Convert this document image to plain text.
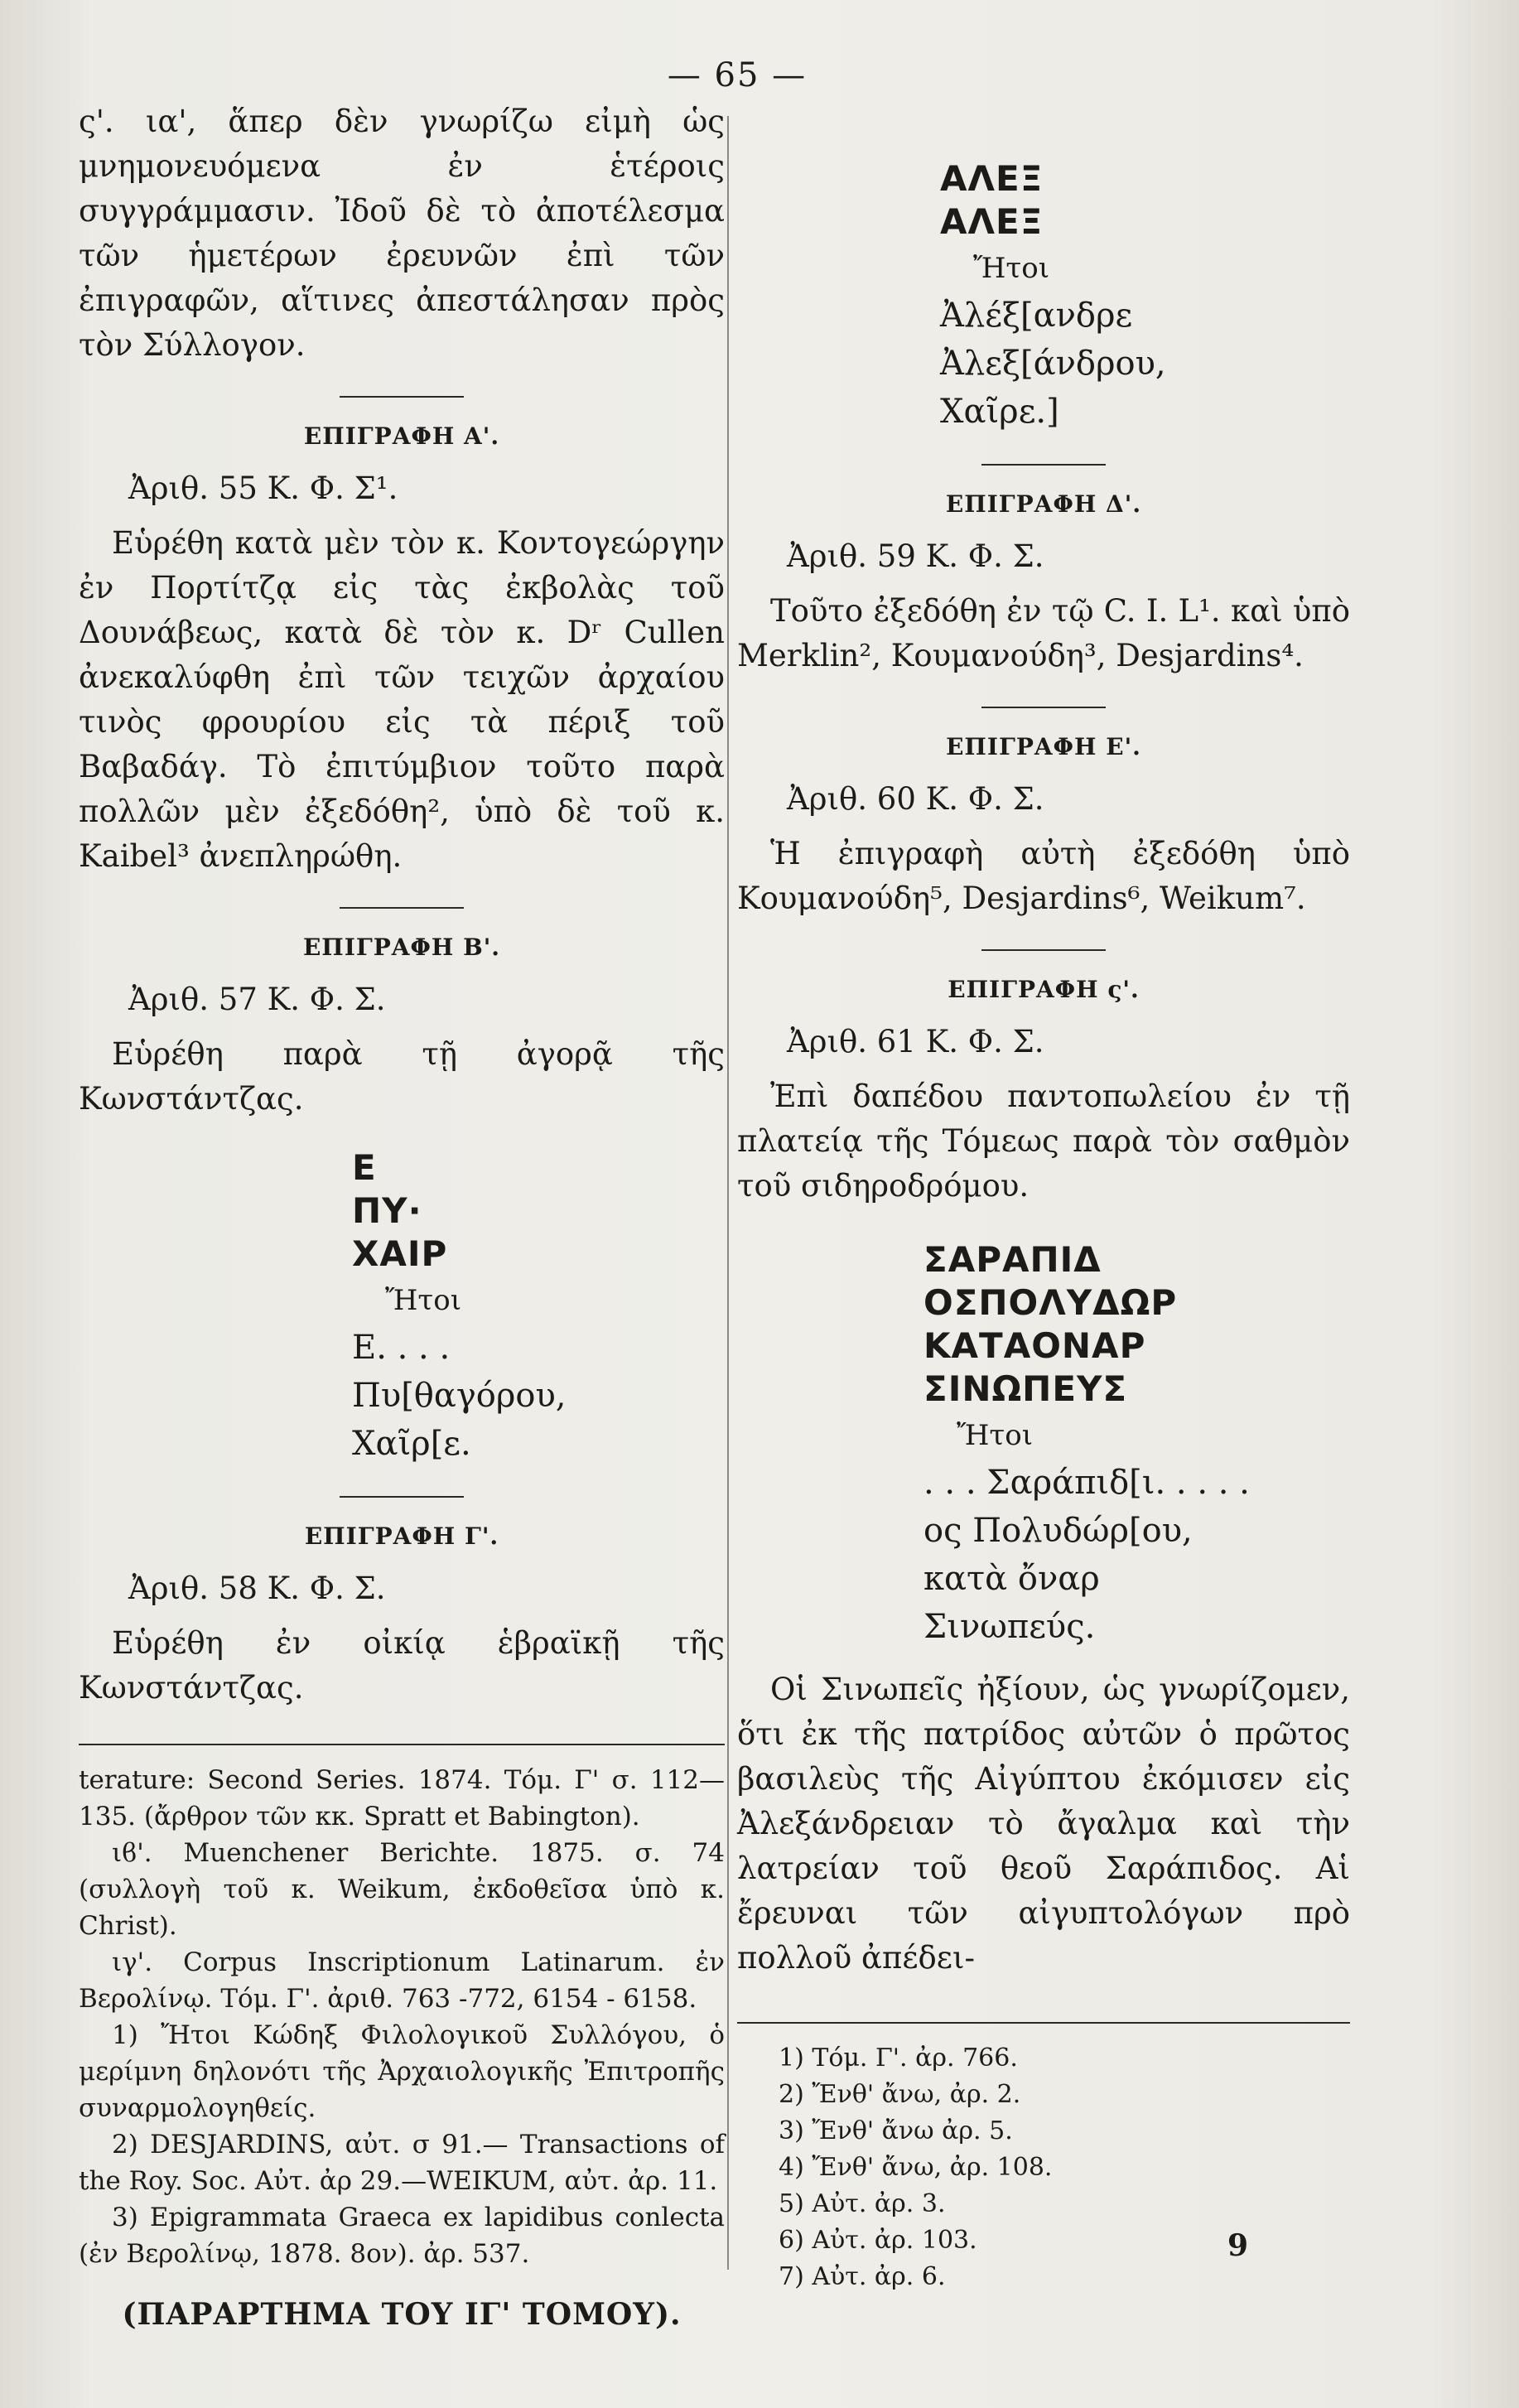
— 65 —

ς'. ια', ἅπερ δὲν γνωρίζω εἰμὴ ὡς μνημονευόμενα ἐν ἑτέροις συγγράμμασιν. Ἰδοῦ δὲ τὸ ἀποτέλεσμα τῶν ἡμετέρων ἐρευνῶν ἐπὶ τῶν ἐπιγραφῶν, αἵτινες ἀπεστάλησαν πρὸς τὸν Σύλλογον.

ΕΠΙΓΡΑΦΗ Α'.

Ἀριθ. 55 Κ. Φ. Σ¹.

Εὑρέθη κατὰ μὲν τὸν κ. Κοντογεώργην ἐν Πορτίτζᾳ εἰς τὰς ἐκβολὰς τοῦ Δουνάβεως, κατὰ δὲ τὸν κ. Dʳ Cullen ἀνεκαλύφθη ἐπὶ τῶν τειχῶν ἀρχαίου τινὸς φρουρίου εἰς τὰ πέριξ τοῦ Βαβαδάγ. Τὸ ἐπιτύμβιον τοῦτο παρὰ πολλῶν μὲν ἐξεδόθη², ὑπὸ δὲ τοῦ κ. Kaibel³ ἀνεπληρώθη.

ΕΠΙΓΡΑΦΗ Β'.

Ἀριθ. 57 Κ. Φ. Σ.

Εὑρέθη παρὰ τῇ ἀγορᾷ τῆς Κωνστάντζας.

Ε
ΠΥ·
ΧΑΙΡ
Ἤτοι
Ε. . . .
Πυ[θαγόρου,
Χαῖρ[ε.
ΕΠΙΓΡΑΦΗ Γ'.

Ἀριθ. 58 Κ. Φ. Σ.

Εὑρέθη ἐν οἰκίᾳ ἑβραϊκῇ τῆς Κωνστάντζας.

terature: Second Series. 1874. Τόμ. Γ' σ. 112—135. (ἄρθρον τῶν κκ. Spratt et Babington).

ιϐ'. Muenchener Berichte. 1875. σ. 74 (συλλογὴ τοῦ κ. Weikum, ἐκδοθεῖσα ὑπὸ κ. Christ).

ιγ'. Corpus Inscriptionum Latinarum. ἐν Βερολίνῳ. Τόμ. Γ'. ἀριθ. 763 -772, 6154 - 6158.

1) Ἤτοι Κώδηξ Φιλολογικοῦ Συλλόγου, ὁ μερίμνη δηλονότι τῆς Ἀρχαιολογικῆς Ἐπιτροπῆς συναρμολογηθείς.

2) DESJARDINS, αὐτ. σ 91.— Transactions of the Roy. Soc. Αὐτ. ἀρ 29.—WEIKUM, αὐτ. ἀρ. 11.

3) Epigrammata Graeca ex lapidibus conlecta (ἐν Βερολίνῳ, 1878. 8ον). ἀρ. 537.

(ΠΑΡΑΡΤΗΜΑ ΤΟΥ ΙΓ' ΤΟΜΟΥ).
ΑΛΕΞ
ΑΛΕΞ
Ἤτοι
Ἀλέξ[ανδρε
Ἀλεξ[άνδρου,
Χαῖρε.]
ΕΠΙΓΡΑΦΗ Δ'.

Ἀριθ. 59 Κ. Φ. Σ.

Τοῦτο ἐξεδόθη ἐν τῷ C. I. L¹. καὶ ὑπὸ Merklin², Κουμανούδη³, Desjardins⁴.

ΕΠΙΓΡΑΦΗ Ε'.

Ἀριθ. 60 Κ. Φ. Σ.

Ἡ ἐπιγραφὴ αὐτὴ ἐξεδόθη ὑπὸ Κουμανούδη⁵, Desjardins⁶, Weikum⁷.

ΕΠΙΓΡΑΦΗ ς'.

Ἀριθ. 61 Κ. Φ. Σ.

Ἐπὶ δαπέδου παντοπωλείου ἐν τῇ πλατείᾳ τῆς Τόμεως παρὰ τὸν σαθμὸν τοῦ σιδηροδρόμου.

ΣΑΡΑΠΙΔ
ΟΣΠΟΛΥΔΩΡ
ΚΑΤΑΟΝΑΡ
ΣΙΝΩΠΕΥΣ
Ἤτοι
. . . Σαράπιδ[ι. . . . .
ος Πολυδώρ[ου,
κατὰ ὄναρ
Σινωπεύς.

Οἱ Σινωπεῖς ἠξίουν, ὡς γνωρίζομεν, ὅτι ἐκ τῆς πατρίδος αὐτῶν ὁ πρῶτος βασιλεὺς τῆς Αἰγύπτου ἐκόμισεν εἰς Ἀλεξάνδρειαν τὸ ἄγαλμα καὶ τὴν λατρείαν τοῦ θεοῦ Σαράπιδος. Αἱ ἔρευναι τῶν αἰγυπτολόγων πρὸ πολλοῦ ἀπέδει-

1) Τόμ. Γ'. ἀρ. 766.

2) Ἔνθ' ἄνω, ἀρ. 2.

3) Ἔνθ' ἄνω ἀρ. 5.

4) Ἔνθ' ἄνω, ἀρ. 108.

5) Αὐτ. ἀρ. 3.

6) Αὐτ. ἀρ. 103.

7) Αὐτ. ἀρ. 6.

9
